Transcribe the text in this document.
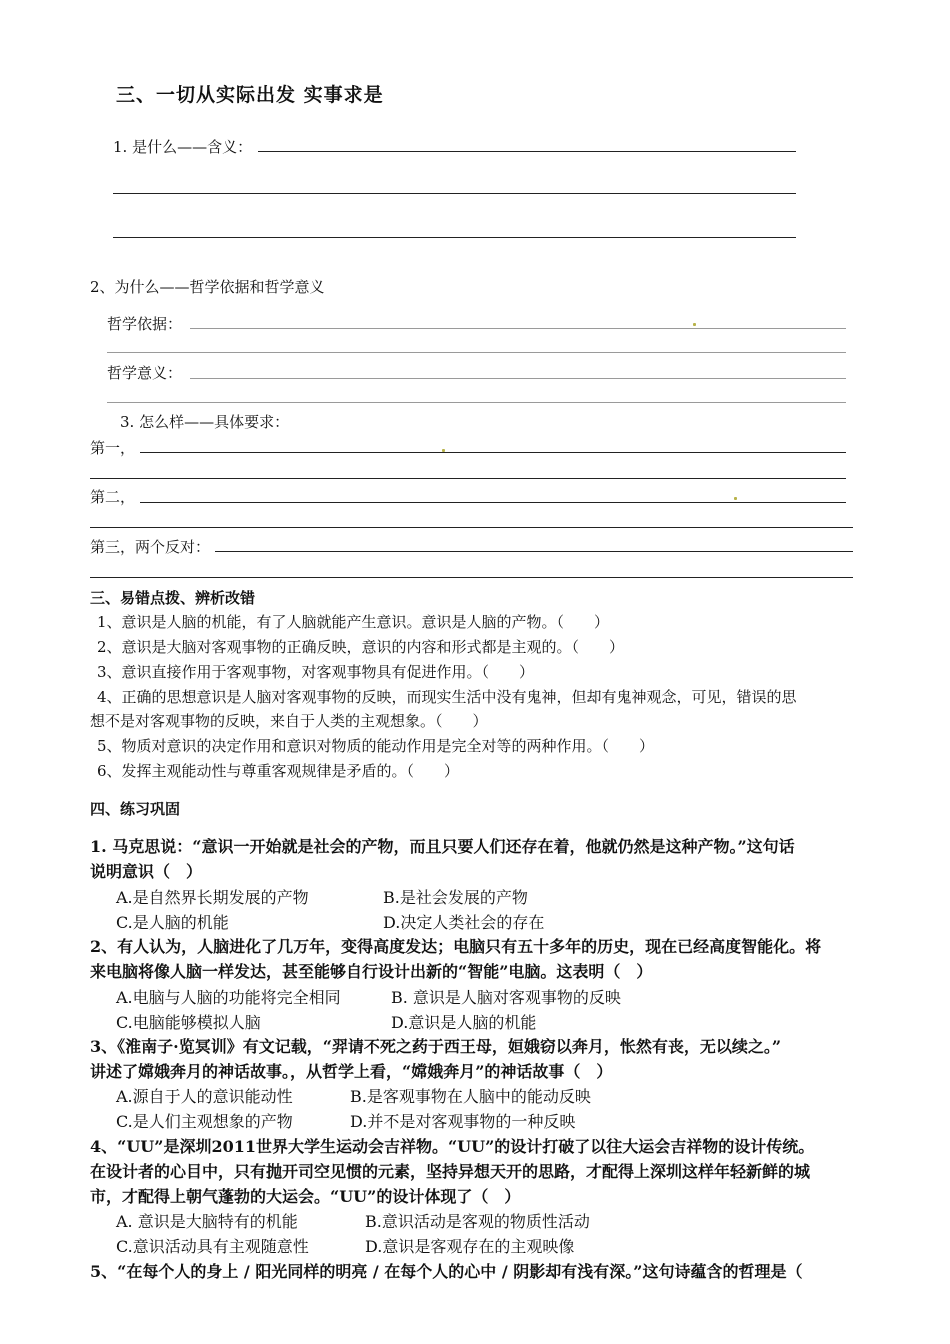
三、一切从实际出发 实事求是
1. 是什么——含义：
2、为什么——哲学依据和哲学意义
哲学依据：
哲学意义：
3. 怎么样——具体要求：
第一，
第二，
第三，两个反对：
三、易错点拨、辨析改错
1、意识是人脑的机能，有了人脑就能产生意识。意识是人脑的产物。（　　）
2、意识是大脑对客观事物的正确反映，意识的内容和形式都是主观的。（　　）
3、意识直接作用于客观事物，对客观事物具有促进作用。（　　）
4、正确的思想意识是人脑对客观事物的反映，而现实生活中没有鬼神，但却有鬼神观念，可见，错误的思
想不是对客观事物的反映，来自于人类的主观想象。（　　）
5、物质对意识的决定作用和意识对物质的能动作用是完全对等的两种作用。（　　）
6、发挥主观能动性与尊重客观规律是矛盾的。（　　）
四、练习巩固
1. 马克思说：“意识一开始就是社会的产物，而且只要人们还存在着，他就仍然是这种产物。”这句话
说明意识（　）
A.是自然界长期发展的产物	B.是社会发展的产物
C.是人脑的机能	D.决定人类社会的存在
2、有人认为，人脑进化了几万年，变得高度发达；电脑只有五十多年的历史，现在已经高度智能化。将
来电脑将像人脑一样发达，甚至能够自行设计出新的“智能”电脑。这表明（　）
A.电脑与人脑的功能将完全相同	B. 意识是人脑对客观事物的反映
C.电脑能够模拟人脑	D.意识是人脑的机能
3、《淮南子·览冥训》有文记载，“羿请不死之药于西王母，姮娥窃以奔月，怅然有丧，无以续之。”
讲述了嫦娥奔月的神话故事。，从哲学上看，“嫦娥奔月”的神话故事（　）
A.源自于人的意识能动性	B.是客观事物在人脑中的能动反映
C.是人们主观想象的产物	D.并不是对客观事物的一种反映
4、“UU”是深圳2011世界大学生运动会吉祥物。“UU”的设计打破了以往大运会吉祥物的设计传统。
在设计者的心目中，只有抛开司空见惯的元素，坚持异想天开的思路，才配得上深圳这样年轻新鲜的城
市，才配得上朝气蓬勃的大运会。“UU”的设计体现了（　）
A. 意识是大脑特有的机能	B.意识活动是客观的物质性活动
C.意识活动具有主观随意性	D.意识是客观存在的主观映像
5、“在每个人的身上 / 阳光同样的明亮 / 在每个人的心中 / 阴影却有浅有深。”这句诗蕴含的哲理是（
